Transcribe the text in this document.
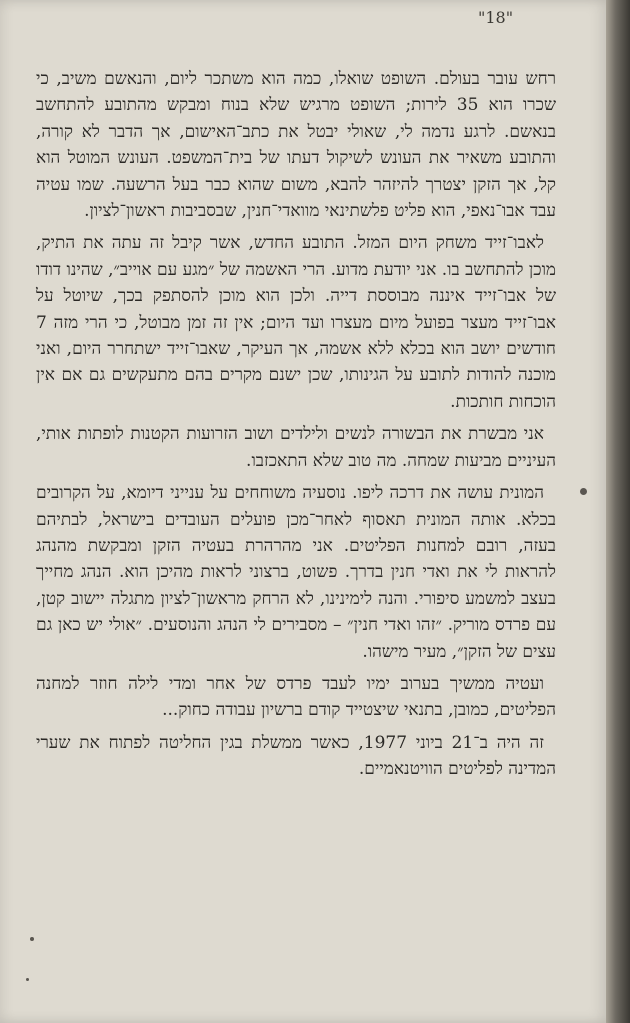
"18"

רחש עובר בעולם. השופט שואלו, כמה הוא משתכר ליום, והנאשם משיב, כי שכרו הוא 35 לירות; השופט מרגיש שלא בנוח ומבקש מהתובע להתחשב בנאשם. לרגע נדמה לי, שאולי יבטל את כתב־האישום, אך הדבר לא קורה, והתובע משאיר את העונש לשיקול דעתו של בית־המשפט. העונש המוטל הוא קל, אך הזקן יצטרך להיזהר להבא, משום שהוא כבר בעל הרשעה. שמו עטיה עבד אבו־נאפי, הוא פליט פלשתינאי מוואדי־חנין, שבסביבות ראשון־לציון.

לאבו־זייד משחק היום המזל. התובע החדש, אשר קיבל זה עתה את התיק, מוכן להתחשב בו. אני יודעת מדוע. הרי האשמה של ״מגע עם אוייב״, שהינו דודו של אבו־זייד איננה מבוססת דייה. ולכן הוא מוכן להסתפק בכך, שיוטל על אבו־זייד מעצר בפועל מיום מעצרו ועד היום; אין זה זמן מבוטל, כי הרי מזה 7 חודשים יושב הוא בכלא ללא אשמה, אך העיקר, שאבו־זייד ישתחרר היום, ואני מוכנה להודות לתובע על הגינותו, שכן ישנם מקרים בהם מתעקשים גם אם אין הוכחות חותכות.

אני מבשרת את הבשורה לנשים ולילדים ושוב הזרועות הקטנות לופתות אותי, העיניים מביעות שמחה. מה טוב שלא התאכזבו.

המונית עושה את דרכה ליפו. נוסעיה משוחחים על ענייני דיומא, על הקרובים בכלא. אותה המונית תאסוף לאחר־מכן פועלים העובדים בישראל, לבתיהם בעזה, רובם למחנות הפליטים. אני מהרהרת בעטיה הזקן ומבקשת מהנהג להראות לי את ואדי חנין בדרך. פשוט, ברצוני לראות מהיכן הוא. הנהג מחייך בעצב למשמע סיפורי. והנה לימינינו, לא הרחק מראשון־לציון מתגלה יישוב קטן, עם פרדס מוריק. ״זהו ואדי חנין״ – מסבירים לי הנהג והנוסעים. ״אולי יש כאן גם עצים של הזקן״, מעיר מישהו.

ועטיה ממשיך בערוב ימיו לעבד פרדס של אחר ומדי לילה חוזר למחנה הפליטים, כמובן, בתנאי שיצטייד קודם ברשיון עבודה כחוק...

זה היה ב־21 ביוני 1977, כאשר ממשלת בגין החליטה לפתוח את שערי המדינה לפליטים הוויטנאמיים.
